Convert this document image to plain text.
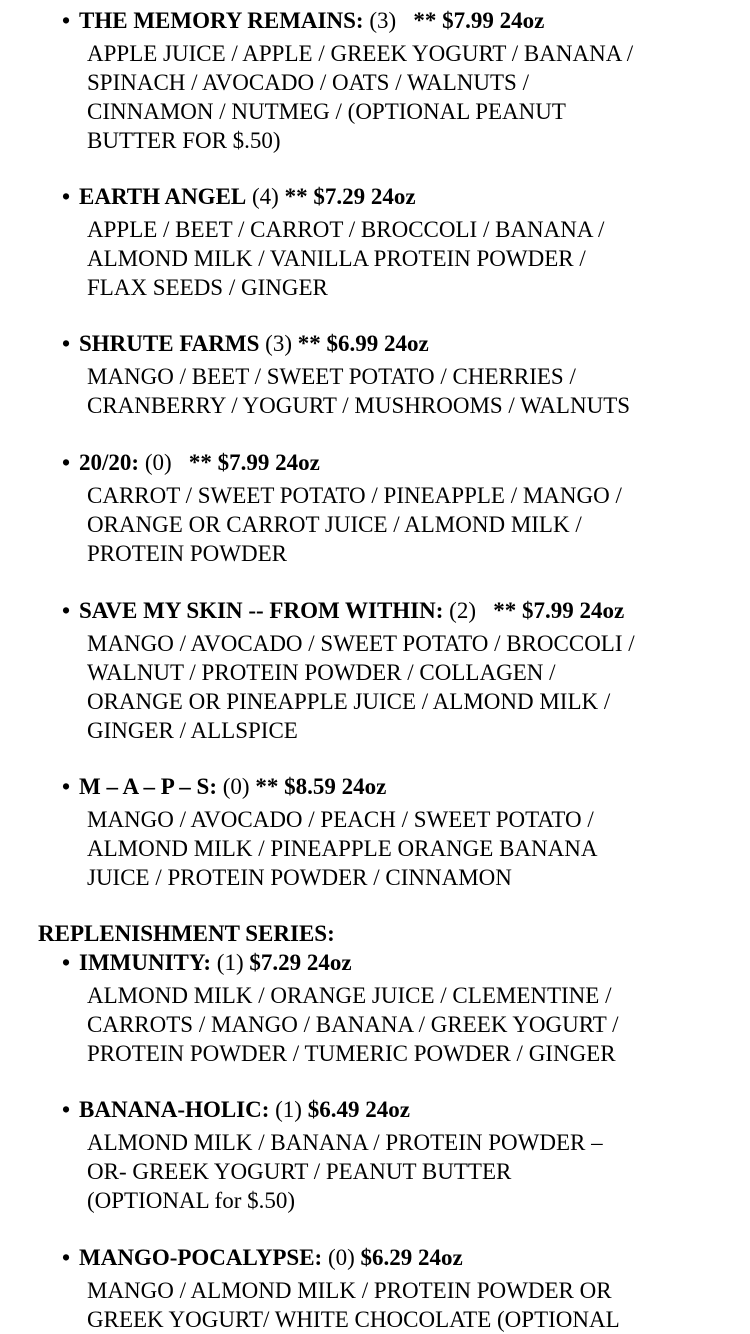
• THE MEMORY REMAINS: (3) ** $7.99 24oz
APPLE JUICE / APPLE / GREEK YOGURT / BANANA /
SPINACH / AVOCADO / OATS / WALNUTS /
CINNAMON / NUTMEG / (OPTIONAL PEANUT
BUTTER FOR $.50)
• EARTH ANGEL (4) ** $7.29 24oz
APPLE / BEET / CARROT / BROCCOLI / BANANA /
ALMOND MILK / VANILLA PROTEIN POWDER /
FLAX SEEDS / GINGER
• SHRUTE FARMS (3) ** $6.99 24oz
MANGO / BEET / SWEET POTATO / CHERRIES /
CRANBERRY / YOGURT / MUSHROOMS / WALNUTS
• 20/20: (0) ** $7.99 24oz
CARROT / SWEET POTATO / PINEAPPLE / MANGO /
ORANGE OR CARROT JUICE / ALMOND MILK /
PROTEIN POWDER
• SAVE MY SKIN -- FROM WITHIN: (2) ** $7.99 24oz
MANGO / AVOCADO / SWEET POTATO / BROCCOLI /
WALNUT / PROTEIN POWDER / COLLAGEN /
ORANGE OR PINEAPPLE JUICE / ALMOND MILK /
GINGER / ALLSPICE
• M – A – P – S: (0) ** $8.59 24oz
MANGO / AVOCADO / PEACH / SWEET POTATO /
ALMOND MILK / PINEAPPLE ORANGE BANANA
JUICE / PROTEIN POWDER / CINNAMON
REPLENISHMENT SERIES:
• IMMUNITY: (1) $7.29 24oz
ALMOND MILK / ORANGE JUICE / CLEMENTINE /
CARROTS / MANGO / BANANA / GREEK YOGURT /
PROTEIN POWDER / TUMERIC POWDER / GINGER
• BANANA-HOLIC: (1) $6.49 24oz
ALMOND MILK / BANANA / PROTEIN POWDER –
OR- GREEK YOGURT / PEANUT BUTTER
(OPTIONAL for $.50)
• MANGO-POCALYPSE: (0) $6.29 24oz
MANGO / ALMOND MILK / PROTEIN POWDER OR
GREEK YOGURT/ WHITE CHOCOLATE (OPTIONAL
